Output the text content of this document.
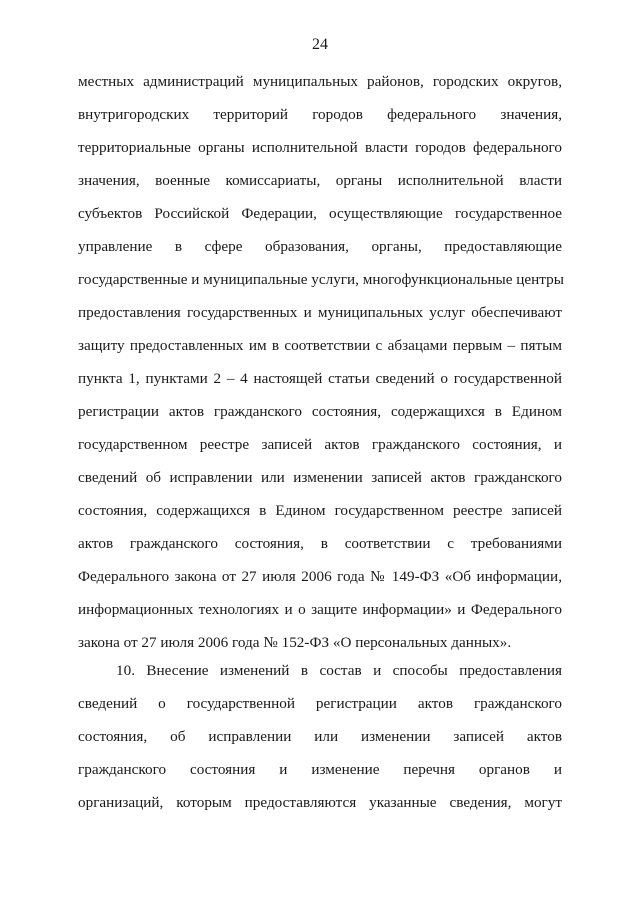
24
местных администраций муниципальных районов, городских округов,
внутригородских территорий городов федерального значения,
территориальные органы исполнительной власти городов федерального
значения, военные комиссариаты, органы исполнительной власти
субъектов Российской Федерации, осуществляющие государственное
управление в сфере образования, органы, предоставляющие
государственные и муниципальные услуги, многофункциональные центры
предоставления государственных и муниципальных услуг обеспечивают
защиту предоставленных им в соответствии с абзацами первым – пятым
пункта 1, пунктами 2 – 4 настоящей статьи сведений о государственной
регистрации актов гражданского состояния, содержащихся в Едином
государственном реестре записей актов гражданского состояния, и
сведений об исправлении или изменении записей актов гражданского
состояния, содержащихся в Едином государственном реестре записей
актов гражданского состояния, в соответствии с требованиями
Федерального закона от 27 июля 2006 года № 149-ФЗ «Об информации,
информационных технологиях и о защите информации» и Федерального
закона от 27 июля 2006 года № 152-ФЗ «О персональных данных».
10. Внесение изменений в состав и способы предоставления
сведений о государственной регистрации актов гражданского
состояния, об исправлении или изменении записей актов
гражданского состояния и изменение перечня органов и
организаций, которым предоставляются указанные сведения, могут
